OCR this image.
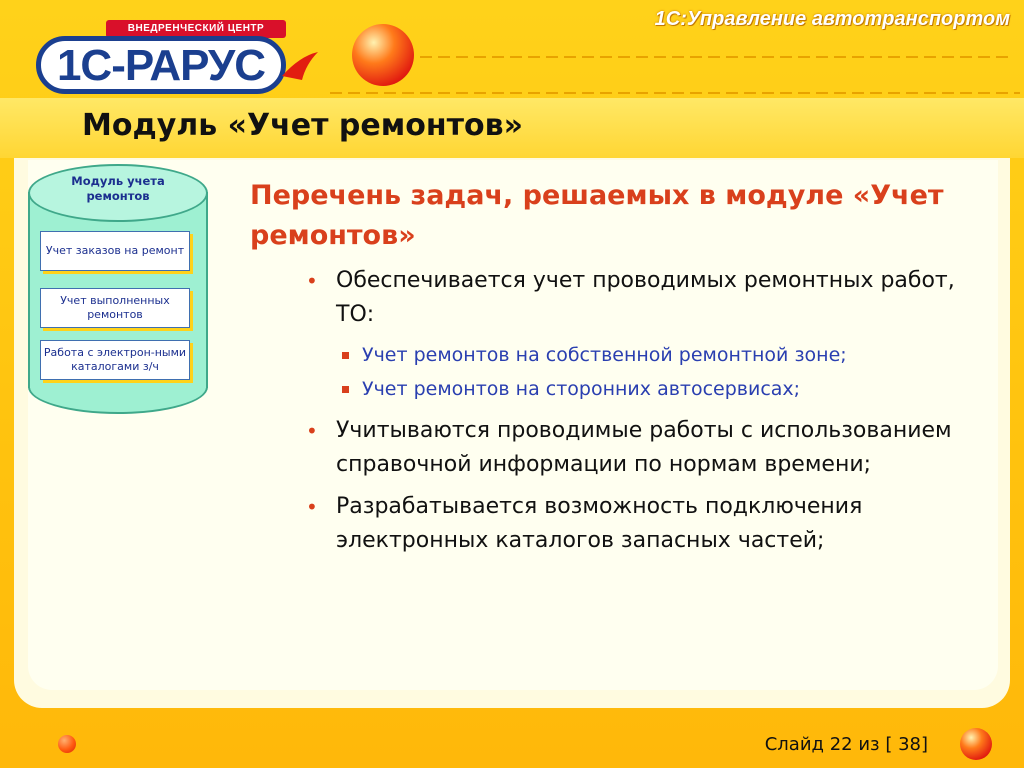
ВНЕДРЕНЧЕСКИЙ ЦЕНТР
1С-РАРУС
1С:Управление автотранспортом
Модуль «Учет ремонтов»
Модуль учета ремонтов
Учет заказов на ремонт
Учет выполненных ремонтов
Работа с электрон-ными каталогами з/ч
Перечень задач, решаемых в модуле «Учет ремонтов»
• Обеспечивается учет проводимых ремонтных работ, ТО:
Учет ремонтов на собственной ремонтной зоне;
Учет ремонтов на сторонних автосервисах;
• Учитываются проводимые работы с использованием справочной информации по нормам времени;
• Разрабатывается возможность подключения электронных каталогов запасных частей;
Слайд 22 из [ 38]
